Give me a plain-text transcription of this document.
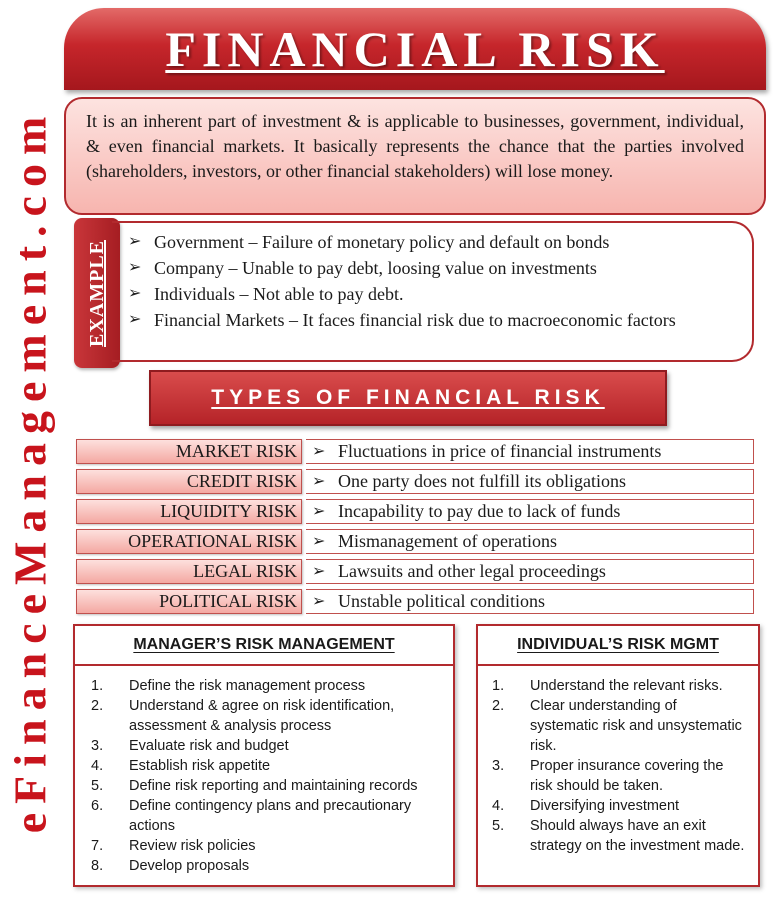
eFinanceManagement.com
FINANCIAL RISK
It is an inherent part of investment & is applicable to businesses, government, individual, & even financial markets. It basically represents the chance that the parties involved (shareholders, investors, or other financial stakeholders) will lose money.
EXAMPLE ➢ Government – Failure of monetary policy and default on bonds
➢ Company – Unable to pay debt, loosing value on investments
➢ Individuals – Not able to pay debt.
➢ Financial Markets – It faces financial risk due to macroeconomic factors
TYPES OF FINANCIAL RISK
MARKET RISK ➢ Fluctuations in price of financial instruments
CREDIT RISK ➢ One party does not fulfill its obligations
LIQUIDITY RISK ➢ Incapability to pay due to lack of funds
OPERATIONAL RISK ➢ Mismanagement of operations
LEGAL RISK ➢ Lawsuits and other legal proceedings
POLITICAL RISK ➢ Unstable political conditions
MANAGER’S RISK MANAGEMENT
1.	Define the risk management process
2.	Understand & agree on risk identification, assessment & analysis process
3.	Evaluate risk and budget
4.	Establish risk appetite
5.	Define risk reporting and maintaining records
6.	Define contingency plans and precautionary actions
7.	Review risk policies
8.	Develop proposals
INDIVIDUAL’S RISK MGMT
1.	Understand the relevant risks.
2.	Clear understanding of systematic risk and unsystematic risk.
3.	Proper insurance covering the risk should be taken.
4.	Diversifying investment
5.	Should always have an exit strategy on the investment made.
